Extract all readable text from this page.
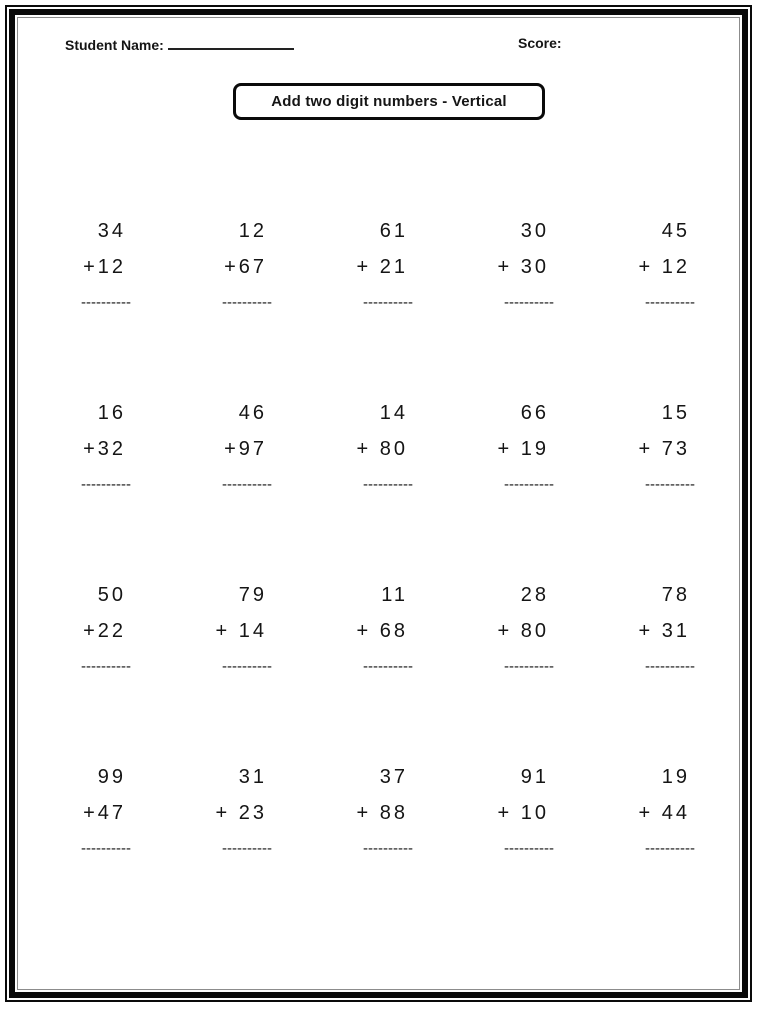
Student Name:	Score:
Add two digit numbers - Vertical
34
+12
----------
12
+67
----------
61
+ 21
----------
30
+ 30
----------
45
+ 12
----------
16
+32
----------
46
+97
----------
14
+ 80
----------
66
+ 19
----------
15
+ 73
----------
50
+22
----------
79
+ 14
----------
11
+ 68
----------
28
+ 80
----------
78
+ 31
----------
99
+47
----------
31
+ 23
----------
37
+ 88
----------
91
+ 10
----------
19
+ 44
----------
